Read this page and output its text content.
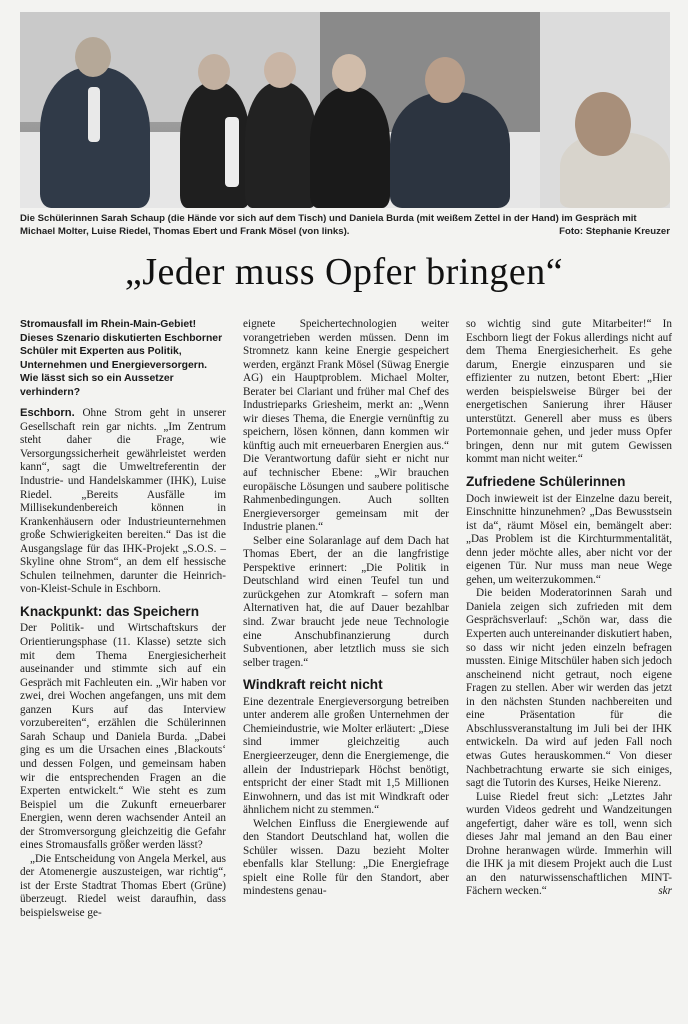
Die Schülerinnen Sarah Schaup (die Hände vor sich auf dem Tisch) und Daniela Burda (mit weißem Zettel in der Hand) im Gespräch mit Michael Molter, Luise Riedel, Thomas Ebert und Frank Mösel (von links).	Foto: Stephanie Kreuzer
„Jeder muss Opfer bringen“
Stromausfall im Rhein-Main-Gebiet! Dieses Szenario diskutierten Eschborner Schüler mit Experten aus Politik, Unternehmen und Energieversorgern. Wie lässt sich so ein Aussetzer verhindern?

Eschborn. Ohne Strom geht in unserer Gesellschaft rein gar nichts. „Im Zentrum steht daher die Frage, wie Versorgungssicherheit gewährleistet werden kann“, sagt die Umweltreferentin der Industrie- und Handelskammer (IHK), Luise Riedel. „Bereits Ausfälle im Millisekundenbereich können in Krankenhäusern oder Industrieunternehmen große Schwierigkeiten bereiten.“ Das ist die Ausgangslage für das IHK-Projekt „S.O.S. – Skyline ohne Strom“, an dem elf hessische Schulen teilnehmen, darunter die Heinrich-von-Kleist-Schule in Eschborn.

Knackpunkt: das Speichern

Der Politik- und Wirtschaftskurs der Orientierungsphase (11. Klasse) setzte sich mit dem Thema Energiesicherheit auseinander und stimmte sich auf ein Gespräch mit Fachleuten ein. „Wir haben vor zwei, drei Wochen angefangen, uns mit dem ganzen Kurs auf das Interview vorzubereiten“, erzählen die Schülerinnen Sarah Schaup und Daniela Burda. „Dabei ging es um die Ursachen eines ‚Blackouts‘ und dessen Folgen, und gemeinsam haben wir die entsprechenden Fragen an die Experten entwickelt.“ Wie steht es zum Beispiel um die Zukunft erneuerbarer Energien, wenn deren wachsender Anteil an der Stromversorgung gleichzeitig die Gefahr eines Stromausfalls größer werden lässt?

„Die Entscheidung von Angela Merkel, aus der Atomenergie auszusteigen, war richtig“, ist der Erste Stadtrat Thomas Ebert (Grüne) überzeugt. Riedel weist daraufhin, dass beispielsweise ge-

eignete Speichertechnologien weiter vorangetrieben werden müssen. Denn im Stromnetz kann keine Energie gespeichert werden, ergänzt Frank Mösel (Süwag Energie AG) ein Hauptproblem. Michael Molter, Berater bei Clariant und früher mal Chef des Industrieparks Griesheim, merkt an: „Wenn wir dieses Thema, die Energie vernünftig zu speichern, lösen können, dann kommen wir künftig auch mit erneuerbaren Energien aus.“ Die Verantwortung dafür sieht er nicht nur auf technischer Ebene: „Wir brauchen europäische Lösungen und saubere politische Rahmenbedingungen. Auch sollten Energieversorger gemeinsam mit der Industrie planen.“

Selber eine Solaranlage auf dem Dach hat Thomas Ebert, der an die langfristige Perspektive erinnert: „Die Politik in Deutschland wird einen Teufel tun und zurückgehen zur Atomkraft – sofern man Alternativen hat, die auf Dauer bezahlbar sind. Zwar braucht jede neue Technologie eine Anschubfinanzierung durch Subventionen, aber letztlich muss sie sich selber tragen.“

Windkraft reicht nicht

Eine dezentrale Energieversorgung betreiben unter anderem alle großen Unternehmen der Chemieindustrie, wie Molter erläutert: „Diese sind immer gleichzeitig auch Energieerzeuger, denn die Energiemenge, die allein der Industriepark Höchst benötigt, entspricht der einer Stadt mit 1,5 Millionen Einwohnern, und das ist mit Windkraft oder ähnlichem nicht zu stemmen.“

Welchen Einfluss die Energiewende auf den Standort Deutschland hat, wollen die Schüler wissen. Dazu bezieht Molter ebenfalls klar Stellung: „Die Energiefrage spielt eine Rolle für den Standort, aber mindestens genau-

so wichtig sind gute Mitarbeiter!“ In Eschborn liegt der Fokus allerdings nicht auf dem Thema Energiesicherheit. Es gehe darum, Energie einzusparen und sie effizienter zu nutzen, betont Ebert: „Hier werden beispielsweise Bürger bei der energetischen Sanierung ihrer Häuser unterstützt. Generell aber muss es übers Portemonnaie gehen, und jeder muss Opfer bringen, denn nur mit gutem Gewissen kommt man nicht weiter.“

Zufriedene Schülerinnen

Doch inwieweit ist der Einzelne dazu bereit, Einschnitte hinzunehmen? „Das Bewusstsein ist da“, räumt Mösel ein, bemängelt aber: „Das Problem ist die Kirchturmmentalität, denn jeder möchte alles, aber nicht vor der eigenen Tür. Nur muss man neue Wege gehen, um weiterzukommen.“

Die beiden Moderatorinnen Sarah und Daniela zeigen sich zufrieden mit dem Gesprächsverlauf: „Schön war, dass die Experten auch untereinander diskutiert haben, so dass wir nicht jeden einzeln befragen mussten. Einige Mitschüler haben sich jedoch anscheinend nicht getraut, noch eigene Fragen zu stellen. Aber wir werden das jetzt in den nächsten Stunden nachbereiten und eine Präsentation für die Abschlussveranstaltung im Juli bei der IHK entwickeln. Da wird auf jeden Fall noch etwas Gutes herauskommen.“ Von dieser Nachbetrachtung erwarte sie sich einiges, sagt die Tutorin des Kurses, Heike Nierenz.

Luise Riedel freut sich: „Letztes Jahr wurden Videos gedreht und Wandzeitungen angefertigt, daher wäre es toll, wenn sich dieses Jahr mal jemand an den Bau einer Drohne heranwagen würde. Immerhin will die IHK ja mit diesem Projekt auch die Lust an den naturwissenschaftlichen MINT-Fächern wecken.“	skr
